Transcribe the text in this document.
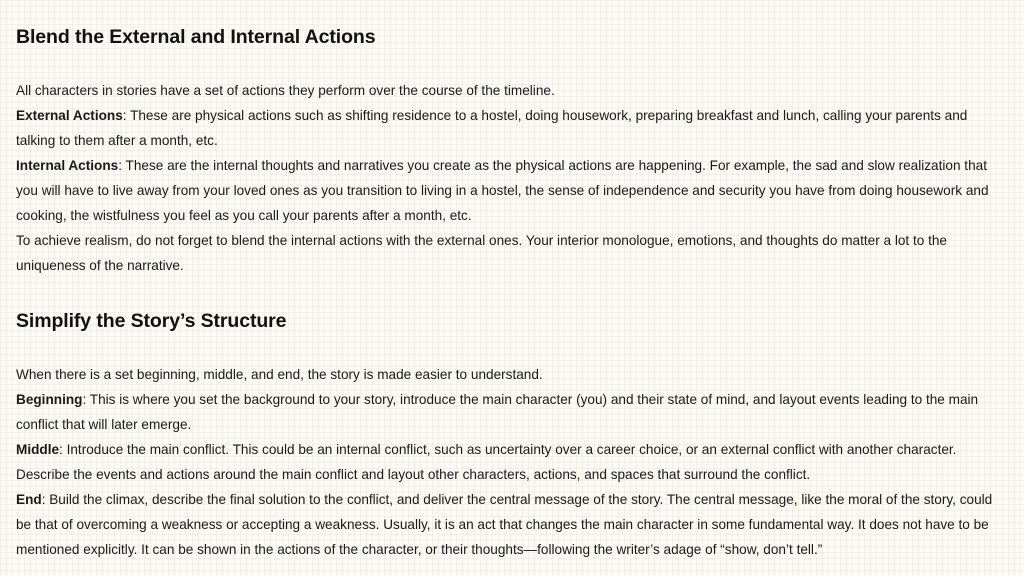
Blend the External and Internal Actions

All characters in stories have a set of actions they perform over the course of the timeline.

External Actions: These are physical actions such as shifting residence to a hostel, doing housework, preparing breakfast and lunch, calling your parents and talking to them after a month, etc.

Internal Actions: These are the internal thoughts and narratives you create as the physical actions are happening. For example, the sad and slow realization that you will have to live away from your loved ones as you transition to living in a hostel, the sense of independence and security you have from doing housework and cooking, the wistfulness you feel as you call your parents after a month, etc.

To achieve realism, do not forget to blend the internal actions with the external ones. Your interior monologue, emotions, and thoughts do matter a lot to the uniqueness of the narrative.

Simplify the Story’s Structure

When there is a set beginning, middle, and end, the story is made easier to understand.

Beginning: This is where you set the background to your story, introduce the main character (you) and their state of mind, and layout events leading to the main conflict that will later emerge.

Middle: Introduce the main conflict. This could be an internal conflict, such as uncertainty over a career choice, or an external conflict with another character. Describe the events and actions around the main conflict and layout other characters, actions, and spaces that surround the conflict.

End: Build the climax, describe the final solution to the conflict, and deliver the central message of the story. The central message, like the moral of the story, could be that of overcoming a weakness or accepting a weakness. Usually, it is an act that changes the main character in some fundamental way. It does not have to be mentioned explicitly. It can be shown in the actions of the character, or their thoughts—following the writer’s adage of “show, don’t tell.”
